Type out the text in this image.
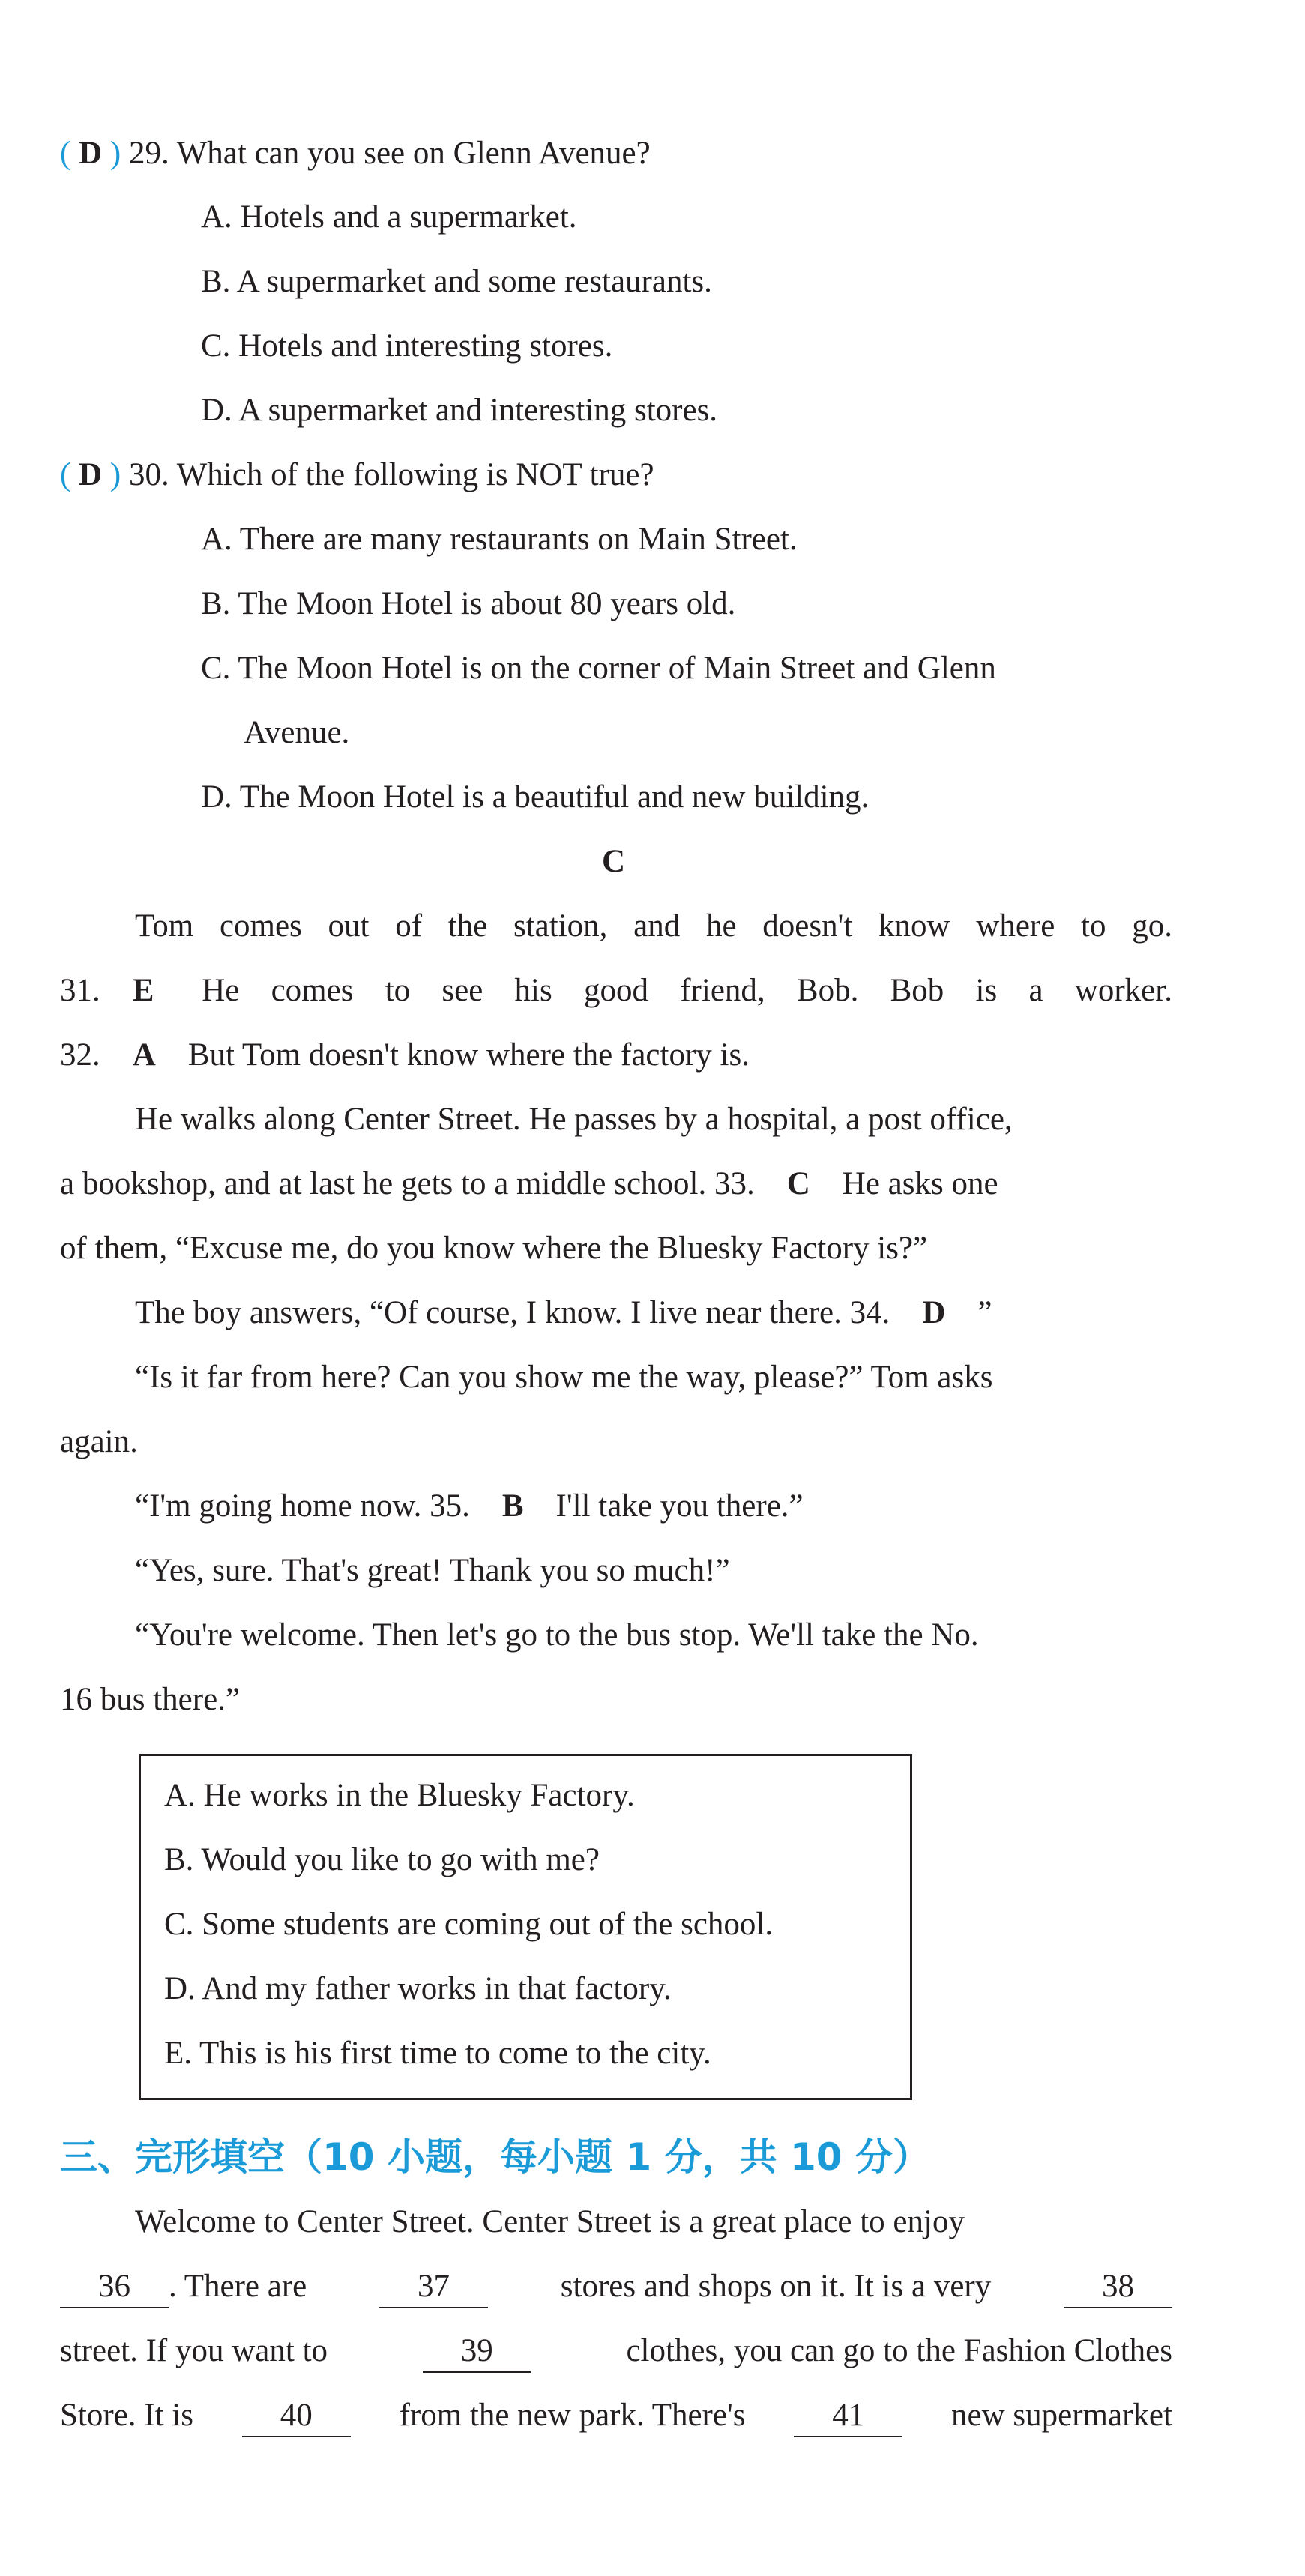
( D ) 29. What can you see on Glenn Avenue?
A. Hotels and a supermarket.
B. A supermarket and some restaurants.
C. Hotels and interesting stores.
D. A supermarket and interesting stores.
( D ) 30. Which of the following is NOT true?
A. There are many restaurants on Main Street.
B. The Moon Hotel is about 80 years old.
C. The Moon Hotel is on the corner of Main Street and Glenn
Avenue.
D. The Moon Hotel is a beautiful and new building.
C
Tom comes out of the station, and he doesn't know where to go.
31. E	He comes to see his good friend, Bob. Bob is a worker.
32. A But Tom doesn't know where the factory is.
He walks along Center Street. He passes by a hospital, a post office,
a bookshop, and at last he gets to a middle school. 33. C He asks one
of them, “Excuse me, do you know where the Bluesky Factory is?”
The boy answers, “Of course, I know. I live near there. 34. D ”
“Is it far from here? Can you show me the way, please?” Tom asks
again.
“I'm going home now. 35. B I'll take you there.”
“Yes, sure. That's great! Thank you so much!”
“You're welcome. Then let's go to the bus stop. We'll take the No.
16 bus there.”
A. He works in the Bluesky Factory.
B. Would you like to go with me?
C. Some students are coming out of the school.
D. And my father works in that factory.
E. This is his first time to come to the city.
三、完形填空（10 小题，每小题 1 分，共 10 分）
Welcome to Center Street. Center Street is a great place to enjoy
36 . There are	37	stores and shops on it. It is a very	38
street. If you want to	39	clothes, you can go to the Fashion Clothes
Store. It is	40	from the new park. There's	41	new supermarket
